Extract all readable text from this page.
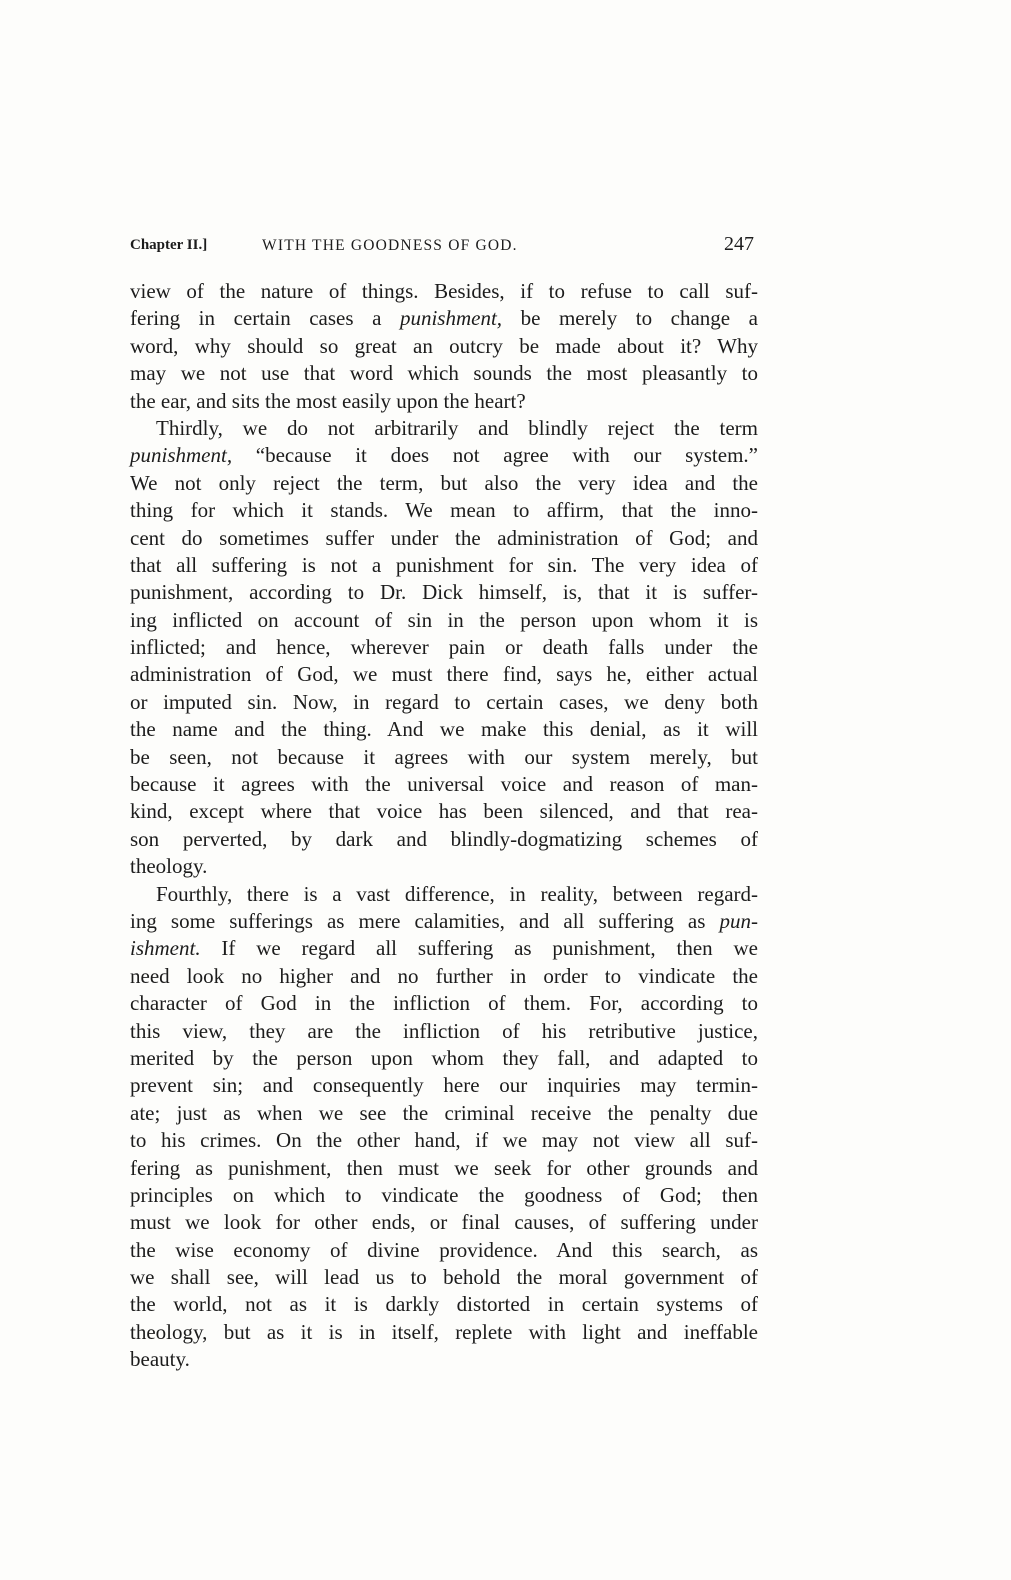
Chapter II.]	WITH THE GOODNESS OF GOD.	247
view of the nature of things. Besides, if to refuse to call suf-
fering in certain cases a punishment, be merely to change a
word, why should so great an outcry be made about it? Why
may we not use that word which sounds the most pleasantly to
the ear, and sits the most easily upon the heart?
Thirdly, we do not arbitrarily and blindly reject the term
punishment, “because it does not agree with our system.”
We not only reject the term, but also the very idea and the
thing for which it stands. We mean to affirm, that the inno-
cent do sometimes suffer under the administration of God; and
that all suffering is not a punishment for sin. The very idea of
punishment, according to Dr. Dick himself, is, that it is suffer-
ing inflicted on account of sin in the person upon whom it is
inflicted; and hence, wherever pain or death falls under the
administration of God, we must there find, says he, either actual
or imputed sin. Now, in regard to certain cases, we deny both
the name and the thing. And we make this denial, as it will
be seen, not because it agrees with our system merely, but
because it agrees with the universal voice and reason of man-
kind, except where that voice has been silenced, and that rea-
son perverted, by dark and blindly-dogmatizing schemes of
theology.
Fourthly, there is a vast difference, in reality, between regard-
ing some sufferings as mere calamities, and all suffering as pun-
ishment. If we regard all suffering as punishment, then we
need look no higher and no further in order to vindicate the
character of God in the infliction of them. For, according to
this view, they are the infliction of his retributive justice,
merited by the person upon whom they fall, and adapted to
prevent sin; and consequently here our inquiries may termin-
ate; just as when we see the criminal receive the penalty due
to his crimes. On the other hand, if we may not view all suf-
fering as punishment, then must we seek for other grounds and
principles on which to vindicate the goodness of God; then
must we look for other ends, or final causes, of suffering under
the wise economy of divine providence. And this search, as
we shall see, will lead us to behold the moral government of
the world, not as it is darkly distorted in certain systems of
theology, but as it is in itself, replete with light and ineffable
beauty.
